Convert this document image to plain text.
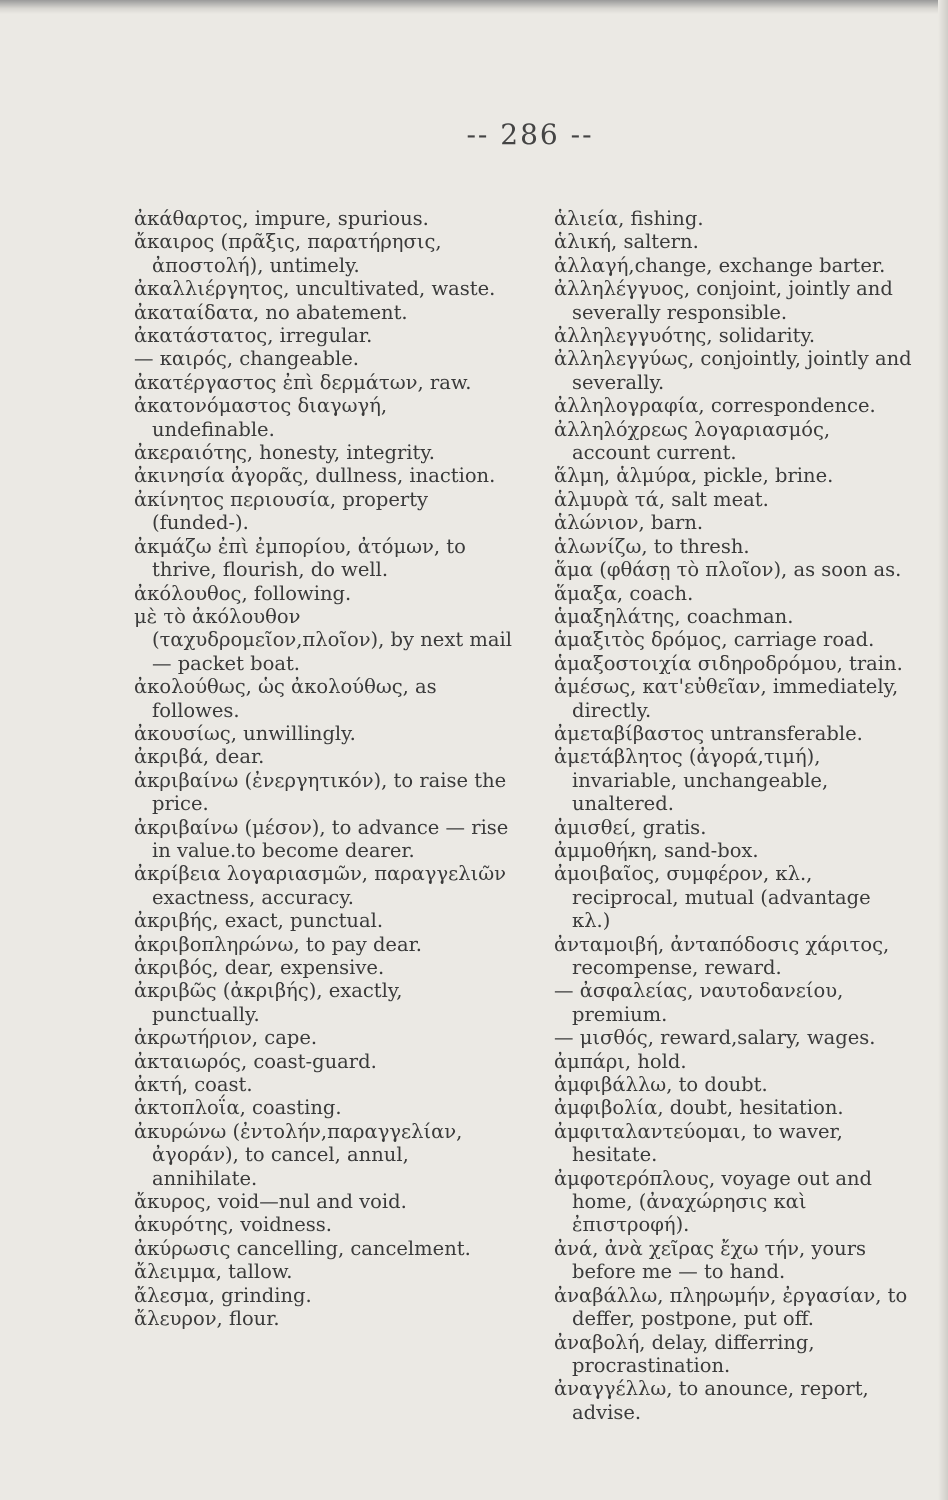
-- 286 --

ἀκάθαρτος, impure, spurious.

ἄκαιρος (πρᾶξις, παρατήρησις, ἀποστολή), untimely.

ἀκαλλιέργητος, uncultivated, waste.

ἀκαταίδατα, no abatement.

ἀκατάστατος, irregular.

— καιρός, changeable.

ἀκατέργαστος ἐπὶ δερμάτων, raw.

ἀκατονόμαστος διαγωγή, undefinable.

ἀκεραιότης, honesty, integrity.

ἀκινησία ἀγορᾶς, dullness, inaction.

ἀκίνητος περιουσία, property (funded-).

ἀκμάζω ἐπὶ ἐμπορίου, ἀτόμων, to thrive, flourish, do well.

ἀκόλουθος, following.

μὲ τὸ ἀκόλουθον (ταχυδρομεῖον,πλοῖον), by next mail — packet boat.

ἀκολούθως, ὡς ἀκολούθως, as followes.

ἀκουσίως, unwillingly.

ἀκριβά, dear.

ἀκριβαίνω (ἐνεργητικόν), to raise the price.

ἀκριβαίνω (μέσον), to advance — rise in value.to become dearer.

ἀκρίβεια λογαριασμῶν, παραγγελιῶν exactness, accuracy.

ἀκριβής, exact, punctual.

ἀκριβοπληρώνω, to pay dear.

ἀκριβός, dear, expensive.

ἀκριβῶς (ἀκριβής), exactly, punctually.

ἀκρωτήριον, cape.

ἀκταιωρός, coast-guard.

ἀκτή, coast.

ἀκτοπλοΐα, coasting.

ἀκυρώνω (ἐντολήν,παραγγελίαν, ἀγοράν), to cancel, annul, annihilate.

ἄκυρος, void—nul and void.

ἀκυρότης, voidness.

ἀκύρωσις cancelling, cancelment.

ἄλειμμα, tallow.

ἄλεσμα, grinding.

ἄλευρον, flour.

ἁλιεία, fishing.

ἁλική, saltern.

ἀλλαγή,change, exchange barter.

ἀλληλέγγυος, conjoint, jointly and severally responsible.

ἀλληλεγγυότης, solidarity.

ἀλληλεγγύως, conjointly, jointly and severally.

ἀλληλογραφία, correspondence.

ἀλληλόχρεως λογαριασμός, account current.

ἅλμη, ἁλμύρα, pickle, brine.

ἁλμυρὰ τά, salt meat.

ἁλώνιον, barn.

ἁλωνίζω, to thresh.

ἅμα (φθάσῃ τὸ πλοῖον), as soon as.

ἅμαξα, coach.

ἁμαξηλάτης, coachman.

ἁμαξιτὸς δρόμος, carriage road.

ἁμαξοστοιχία σιδηροδρόμου, train.

ἀμέσως, κατ'εὐθεῖαν, immediately, directly.

ἀμεταβίβαστος untransferable.

ἀμετάβλητος (ἀγορά,τιμή), invariable, unchangeable, unaltered.

ἀμισθεί, gratis.

ἀμμοθήκη, sand-box.

ἀμοιβαῖος, συμφέρον, κλ., reciprocal, mutual (advantage κλ.)

ἀνταμοιβή, ἀνταπόδοσις χάριτος, recompense, reward.

— ἀσφαλείας, ναυτοδανείου, premium.

— μισθός, reward,salary, wages.

ἀμπάρι, hold.

ἀμφιβάλλω, to doubt.

ἀμφιβολία, doubt, hesitation.

ἀμφιταλαντεύομαι, to waver, hesitate.

ἀμφοτερόπλους, voyage out and home, (ἀναχώρησις καὶ ἐπιστροφή).

ἀνά, ἀνὰ χεῖρας ἔχω τήν, yours before me — to hand.

ἀναβάλλω, πληρωμήν, ἐργασίαν, to deffer, postpone, put off.

ἀναβολή, delay, differring, procrastination.

ἀναγγέλλω, to anounce, report, advise.
